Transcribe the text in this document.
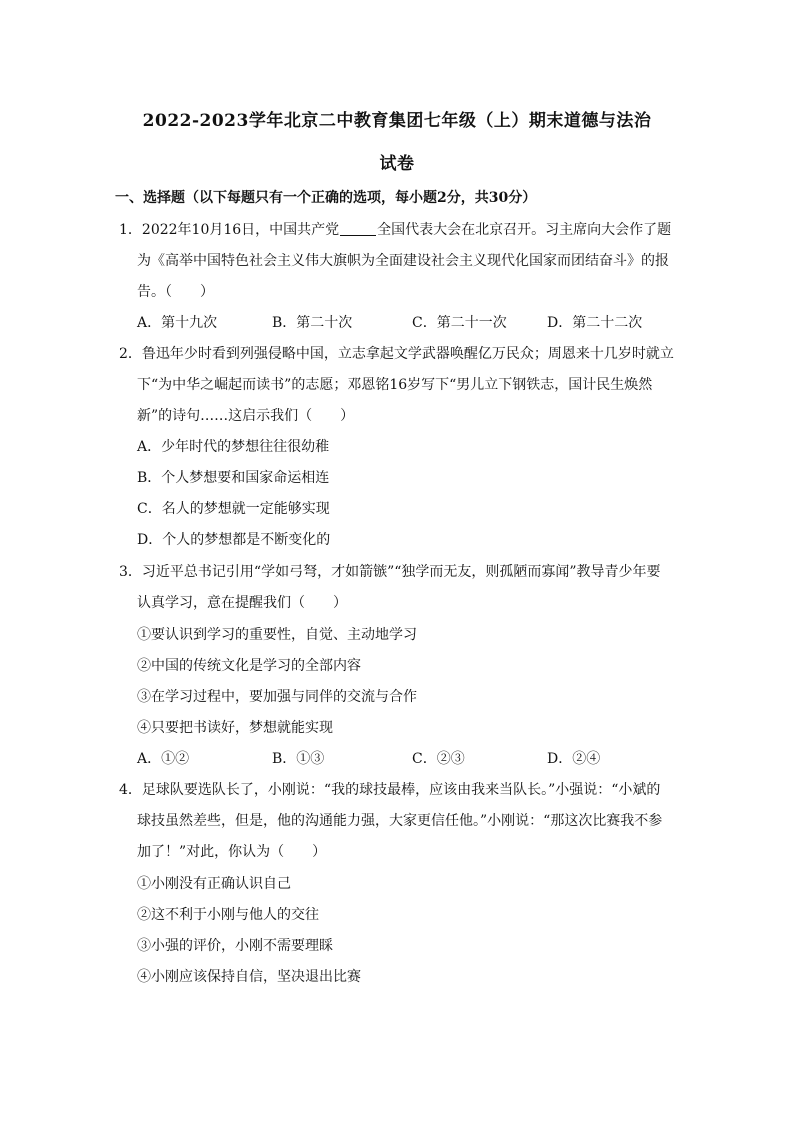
2022-2023学年北京二中教育集团七年级（上）期末道德与法治
试卷
一、选择题（以下每题只有一个正确的选项，每小题2分，共30分）
1．2022年10月16日，中国共产党	全国代表大会在北京召开。习主席向大会作了题
为《高举中国特色社会主义伟大旗帜为全面建设社会主义现代化国家而团结奋斗》的报
告。（　　）
A．第十九次	B．第二十次	C．第二十一次	D．第二十二次
2．鲁迅年少时看到列强侵略中国，立志拿起文学武器唤醒亿万民众；周恩来十几岁时就立
下“为中华之崛起而读书”的志愿；邓恩铭16岁写下“男儿立下钢铁志，国计民生焕然
新”的诗句……这启示我们（　　）
A．少年时代的梦想往往很幼稚
B．个人梦想要和国家命运相连
C．名人的梦想就一定能够实现
D．个人的梦想都是不断变化的
3．习近平总书记引用“学如弓弩，才如箭镞”“独学而无友，则孤陋而寡闻”教导青少年要
认真学习，意在提醒我们（　　）
①要认识到学习的重要性，自觉、主动地学习
②中国的传统文化是学习的全部内容
③在学习过程中，要加强与同伴的交流与合作
④只要把书读好，梦想就能实现
A．①②	B．①③	C．②③	D．②④
4．足球队要选队长了，小刚说：“我的球技最棒，应该由我来当队长。”小强说：“小斌的
球技虽然差些，但是，他的沟通能力强，大家更信任他。”小刚说：“那这次比赛我不参
加了！”对此，你认为（　　）
①小刚没有正确认识自己
②这不利于小刚与他人的交往
③小强的评价，小刚不需要理睬
④小刚应该保持自信，坚决退出比赛
